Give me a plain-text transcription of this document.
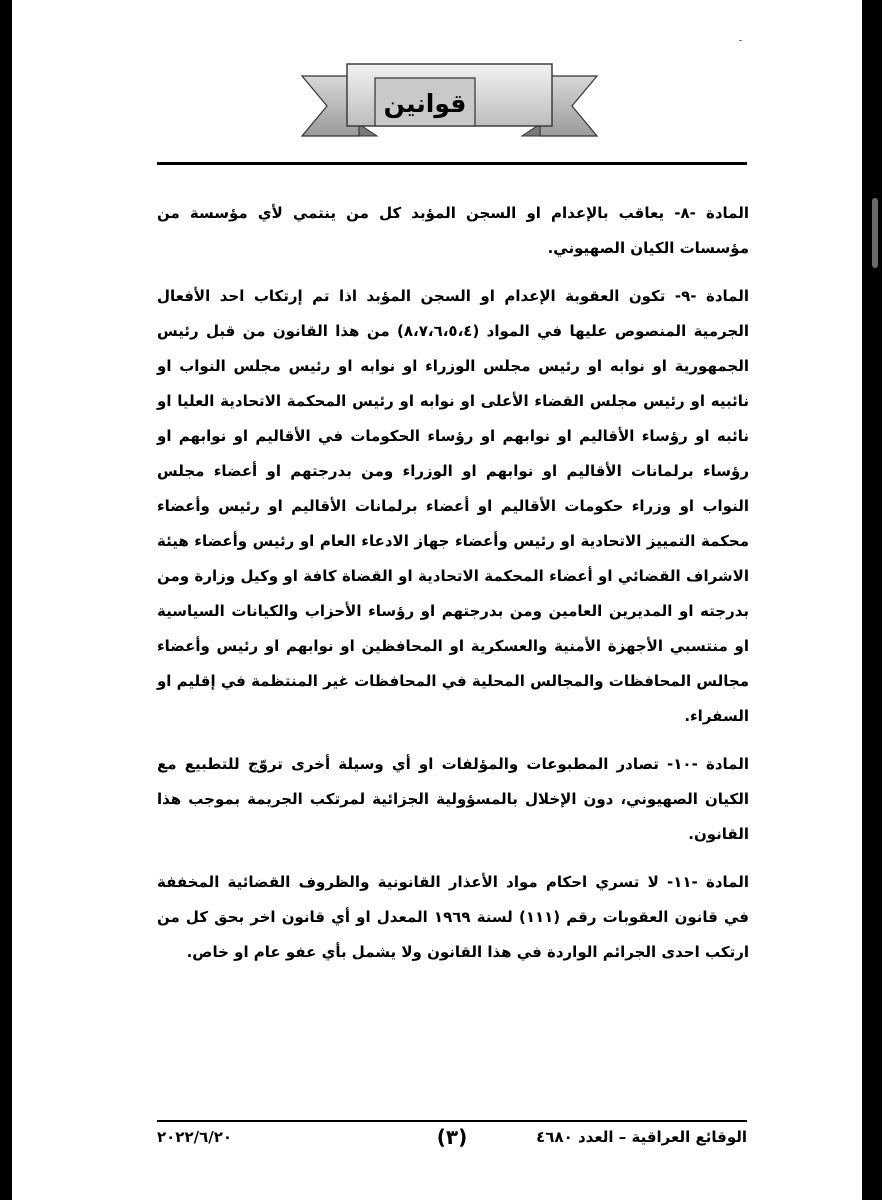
قوانين

المادة -٨- يعاقب بالإعدام او السجن المؤبد كل من ينتمي لأي مؤسسة من مؤسسات الكيان الصهيوني.

المادة -٩- تكون العقوبة الإعدام او السجن المؤبد اذا تم إرتكاب احد الأفعال الجرمية المنصوص عليها في المواد (٨،٧،٦،٥،٤) من هذا القانون من قبل رئيس الجمهورية او نوابه او رئيس مجلس الوزراء او نوابه او رئيس مجلس النواب او نائبيه او رئيس مجلس القضاء الأعلى او نوابه او رئيس المحكمة الاتحادية العليا او نائبه او رؤساء الأقاليم او نوابهم او رؤساء الحكومات في الأقاليم او نوابهم او رؤساء برلمانات الأقاليم او نوابهم او الوزراء ومن بدرجتهم او أعضاء مجلس النواب او وزراء حكومات الأقاليم او أعضاء برلمانات الأقاليم او رئيس وأعضاء محكمة التمييز الاتحادية او رئيس وأعضاء جهاز الادعاء العام او رئيس وأعضاء هيئة الاشراف القضائي او أعضاء المحكمة الاتحادية او القضاة كافة او وكيل وزارة ومن بدرجته او المديرين العامين ومن بدرجتهم او رؤساء الأحزاب والكيانات السياسية او منتسبي الأجهزة الأمنية والعسكرية او المحافظين او نوابهم او رئيس وأعضاء مجالس المحافظات والمجالس المحلية في المحافظات غير المنتظمة في إقليم او السفراء.

المادة -١٠- تصادر المطبوعات والمؤلفات او أي وسيلة أخرى تروّج للتطبيع مع الكيان الصهيوني، دون الإخلال بالمسؤولية الجزائية لمرتكب الجريمة بموجب هذا القانون.

المادة -١١- لا تسري احكام مواد الأعذار القانونية والظروف القضائية المخففة في قانون العقوبات رقم (١١١) لسنة ١٩٦٩ المعدل او أي قانون اخر بحق كل من ارتكب احدى الجرائم الواردة في هذا القانون ولا يشمل بأي عفو عام او خاص.

الوقائع العراقية – العدد ٤٦٨٠
(٣)
٢٠٢٢/٦/٢٠
